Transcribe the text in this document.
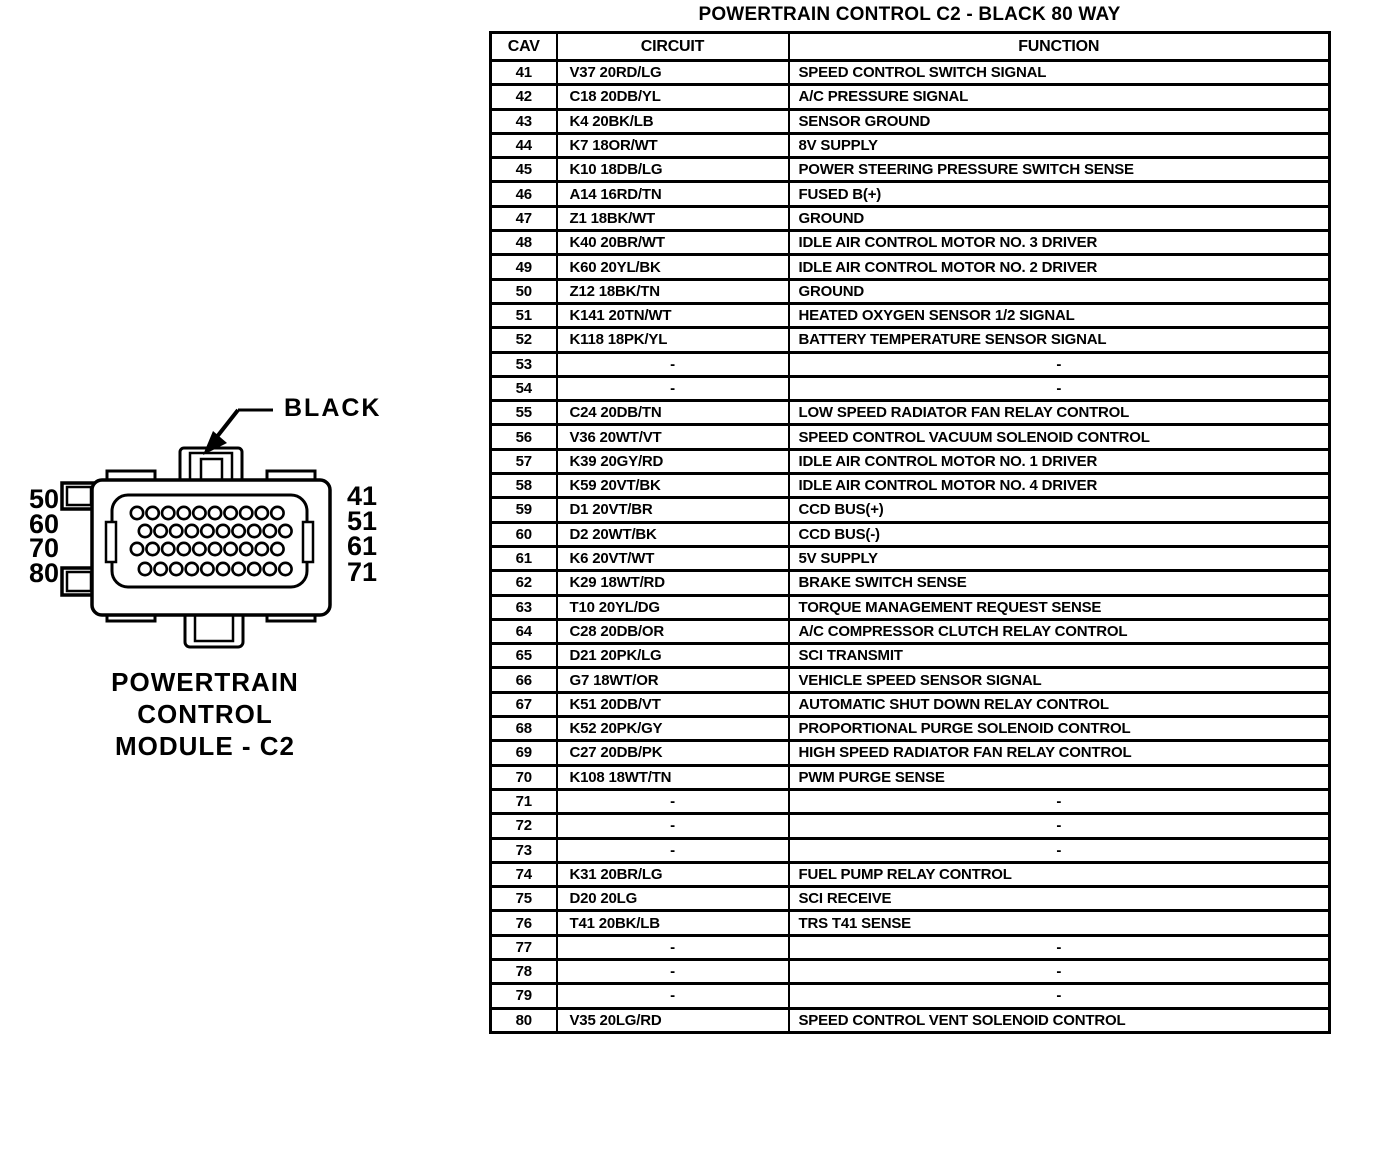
POWERTRAIN CONTROL C2 - BLACK 80 WAY
CAV	CIRCUIT	FUNCTION
41	V37 20RD/LG	SPEED CONTROL SWITCH SIGNAL
42	C18 20DB/YL	A/C PRESSURE SIGNAL
43	K4 20BK/LB	SENSOR GROUND
44	K7 18OR/WT	8V SUPPLY
45	K10 18DB/LG	POWER STEERING PRESSURE SWITCH SENSE
46	A14 16RD/TN	FUSED B(+)
47	Z1 18BK/WT	GROUND
48	K40 20BR/WT	IDLE AIR CONTROL MOTOR NO. 3 DRIVER
49	K60 20YL/BK	IDLE AIR CONTROL MOTOR NO. 2 DRIVER
50	Z12 18BK/TN	GROUND
51	K141 20TN/WT	HEATED OXYGEN SENSOR 1/2 SIGNAL
52	K118 18PK/YL	BATTERY TEMPERATURE SENSOR SIGNAL
53	-	-
54	-	-
55	C24 20DB/TN	LOW SPEED RADIATOR FAN RELAY CONTROL
56	V36 20WT/VT	SPEED CONTROL VACUUM SOLENOID CONTROL
57	K39 20GY/RD	IDLE AIR CONTROL MOTOR NO. 1 DRIVER
58	K59 20VT/BK	IDLE AIR CONTROL MOTOR NO. 4 DRIVER
59	D1 20VT/BR	CCD BUS(+)
60	D2 20WT/BK	CCD BUS(-)
61	K6 20VT/WT	5V SUPPLY
62	K29 18WT/RD	BRAKE SWITCH SENSE
63	T10 20YL/DG	TORQUE MANAGEMENT REQUEST SENSE
64	C28 20DB/OR	A/C COMPRESSOR CLUTCH RELAY CONTROL
65	D21 20PK/LG	SCI TRANSMIT
66	G7 18WT/OR	VEHICLE SPEED SENSOR SIGNAL
67	K51 20DB/VT	AUTOMATIC SHUT DOWN RELAY CONTROL
68	K52 20PK/GY	PROPORTIONAL PURGE SOLENOID CONTROL
69	C27 20DB/PK	HIGH SPEED RADIATOR FAN RELAY CONTROL
70	K108 18WT/TN	PWM PURGE SENSE
71	-	-
72	-	-
73	-	-
74	K31 20BR/LG	FUEL PUMP RELAY CONTROL
75	D20 20LG	SCI RECEIVE
76	T41 20BK/LB	TRS T41 SENSE
77	-	-
78	-	-
79	-	-
80	V35 20LG/RD	SPEED CONTROL VENT SOLENOID CONTROL
BLACK
50
60
70
80
41
51
61
71
POWERTRAIN
CONTROL
MODULE - C2
